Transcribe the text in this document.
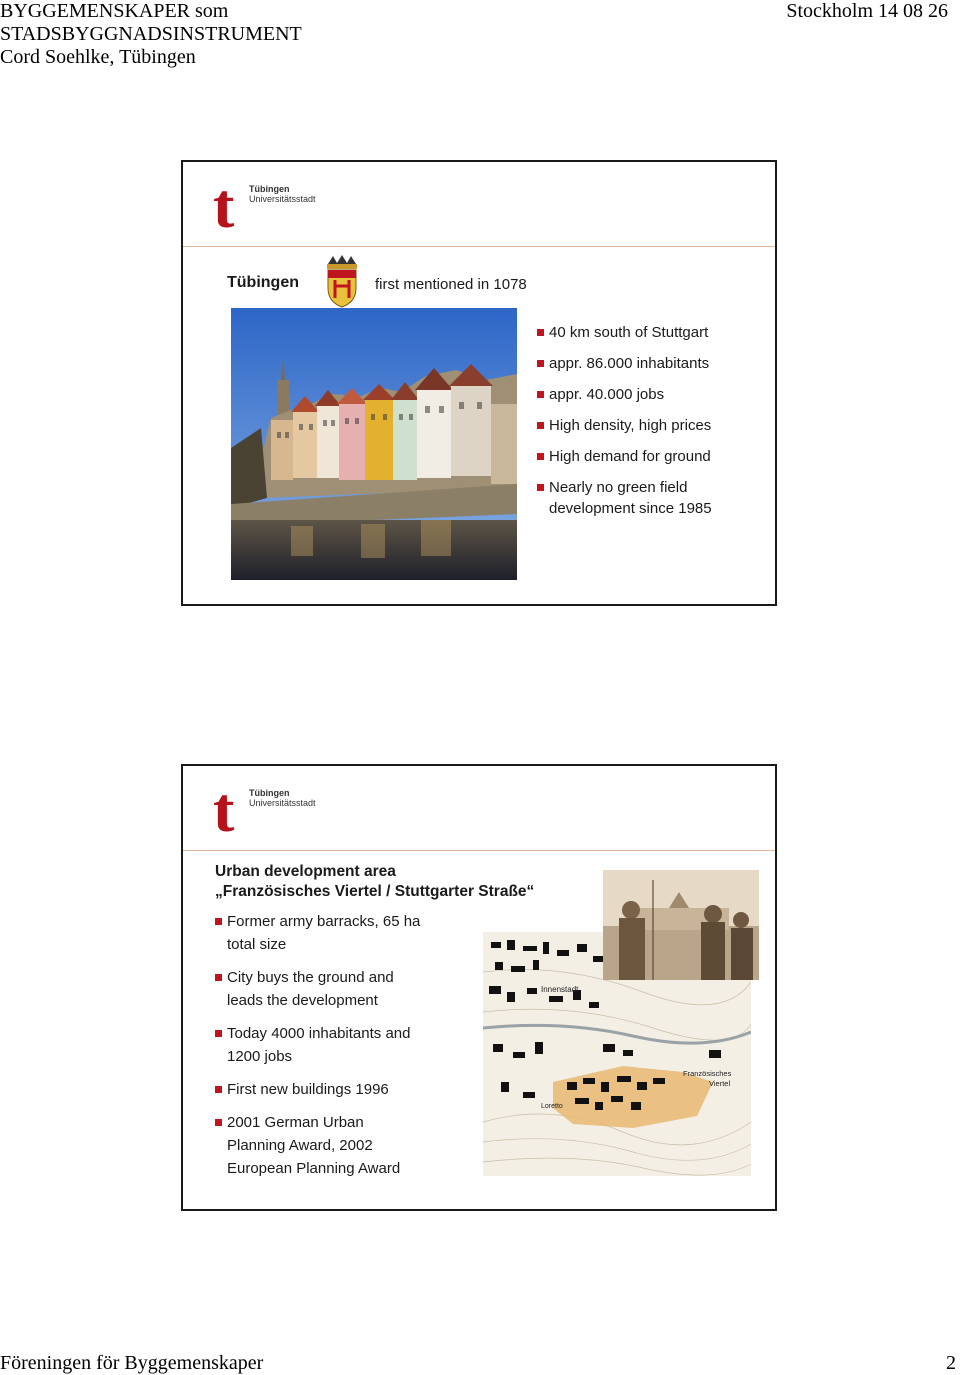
BYGGEMENSKAPER som
STADSBYGGNADSINSTRUMENT
Cord Soehlke, Tübingen
Stockholm 14 08 26
t Tübingen
Universitätsstadt
Tübingen	first mentioned in 1078
40 km south of Stuttgart
appr. 86.000 inhabitants
appr. 40.000 jobs
High density, high prices
High demand for ground
Nearly no green field development since 1985
t Tübingen
Universitätsstadt
Urban development area
„Französisches Viertel / Stuttgarter Straße“
Former army barracks, 65 ha total size
City buys the ground and leads the development
Today 4000 inhabitants and 1200 jobs
First new buildings 1996
2001 German Urban Planning Award, 2002 European Planning Award
Innenstadt
Französisches
Viertel
Loretto
Föreningen för Byggemenskaper	2
